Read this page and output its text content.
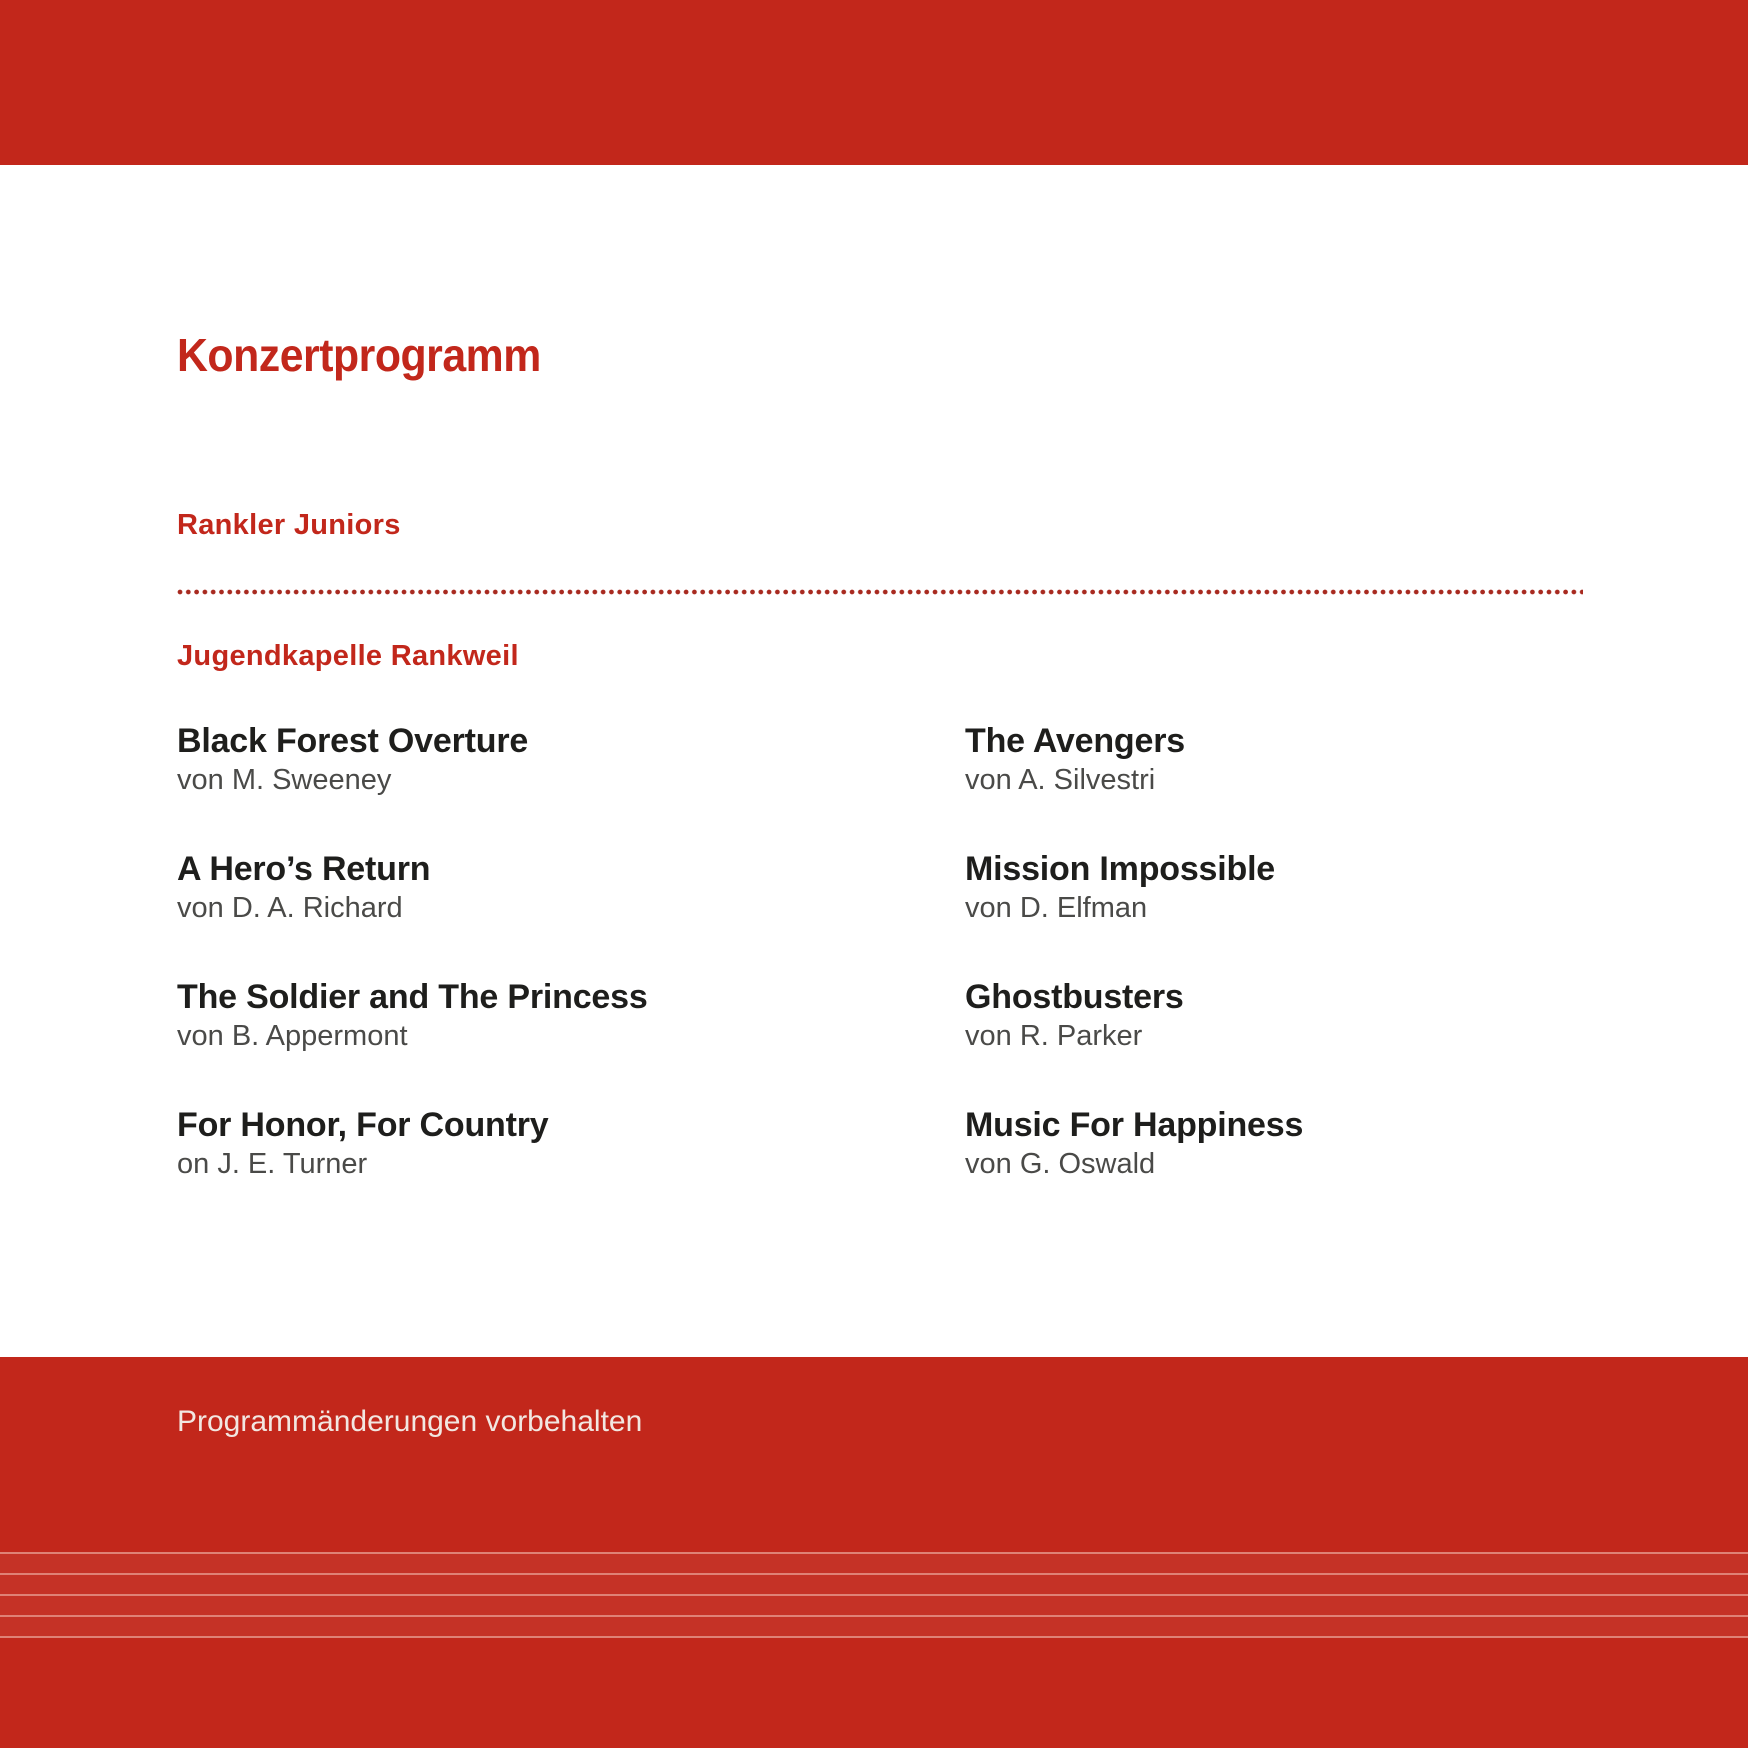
Konzertprogramm
Rankler Juniors
Jugendkapelle Rankweil
Black Forest Overture
von M. Sweeney
A Hero’s Return
von D. A. Richard
The Soldier and The Princess
von B. Appermont
For Honor, For Country
on J. E. Turner
The Avengers
von A. Silvestri
Mission Impossible
von D. Elfman
Ghostbusters
von R. Parker
Music For Happiness
von G. Oswald
Programmänderungen vorbehalten
